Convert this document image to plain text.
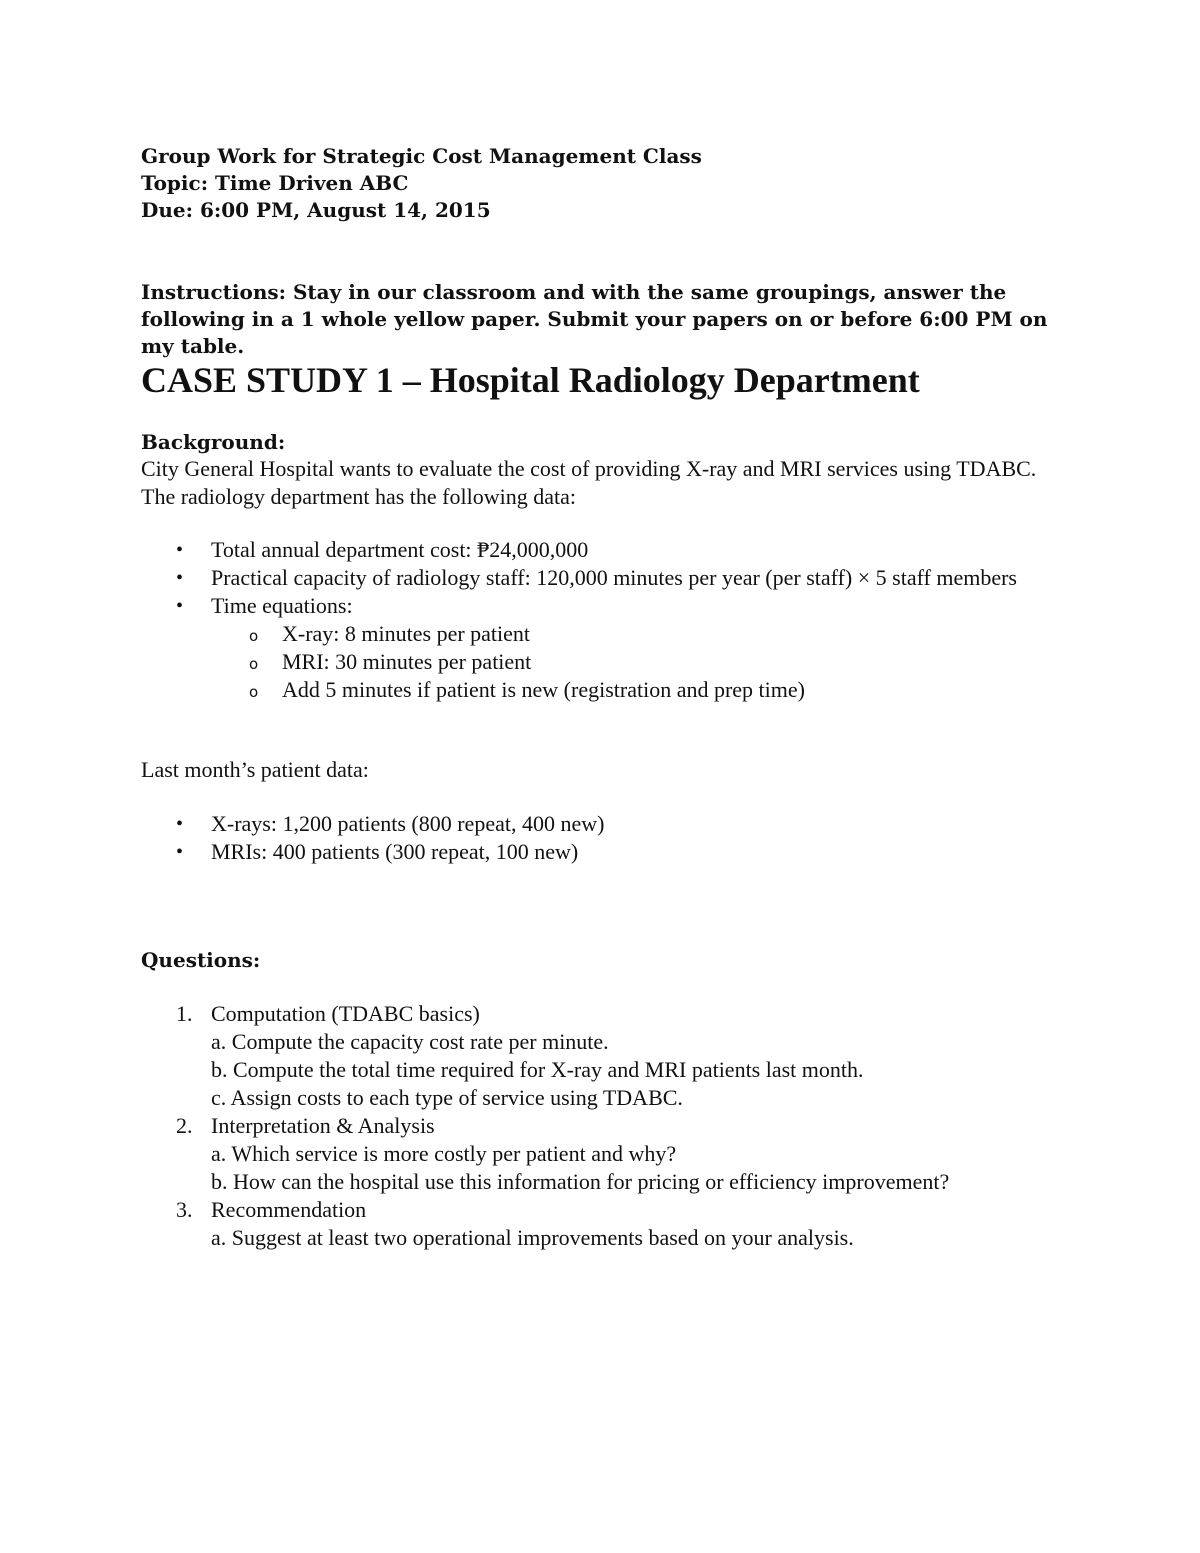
Group Work for Strategic Cost Management Class
Topic: Time Driven ABC
Due: 6:00 PM, August 14, 2015
Instructions: Stay in our classroom and with the same groupings, answer the following in a 1 whole yellow paper. Submit your papers on or before 6:00 PM on my table.
CASE STUDY 1 – Hospital Radiology Department
Background:
City General Hospital wants to evaluate the cost of providing X-ray and MRI services using TDABC. The radiology department has the following data:
• Total annual department cost: ₱24,000,000
• Practical capacity of radiology staff: 120,000 minutes per year (per staff) × 5 staff members
• Time equations:
o X-ray: 8 minutes per patient
o MRI: 30 minutes per patient
o Add 5 minutes if patient is new (registration and prep time)
Last month’s patient data:
• X-rays: 1,200 patients (800 repeat, 400 new)
• MRIs: 400 patients (300 repeat, 100 new)
Questions:
1. Computation (TDABC basics)
a. Compute the capacity cost rate per minute.
b. Compute the total time required for X-ray and MRI patients last month.
c. Assign costs to each type of service using TDABC.
2. Interpretation & Analysis
a. Which service is more costly per patient and why?
b. How can the hospital use this information for pricing or efficiency improvement?
3. Recommendation
a. Suggest at least two operational improvements based on your analysis.
